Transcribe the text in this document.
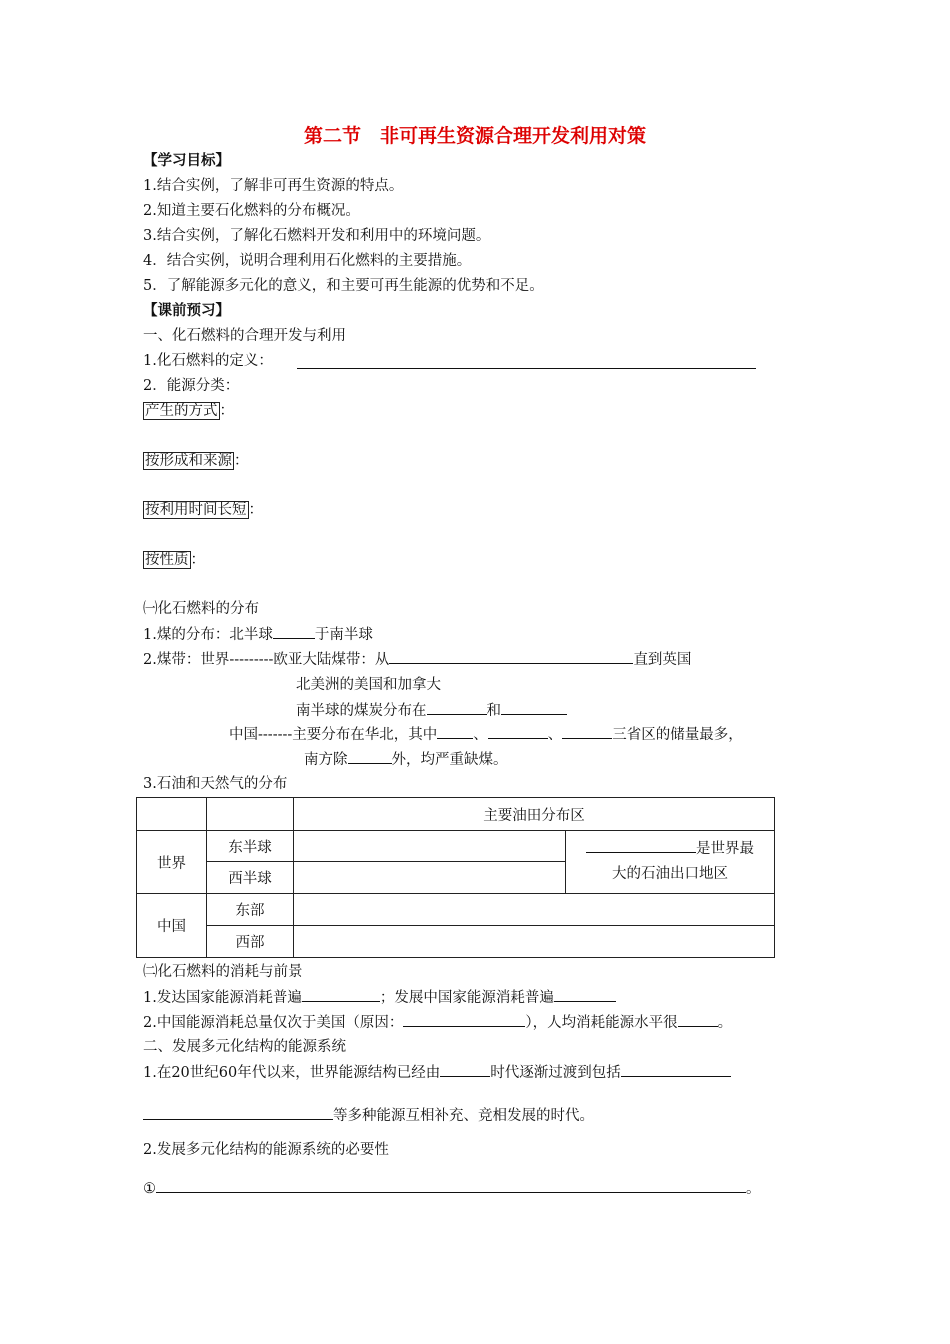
第二节　非可再生资源合理开发利用对策
【学习目标】
1.结合实例，了解非可再生资源的特点。
2.知道主要石化燃料的分布概况。
3.结合实例，了解化石燃料开发和利用中的环境问题。
4．结合实例，说明合理利用石化燃料的主要措施。
5．了解能源多元化的意义，和主要可再生能源的优势和不足。
【课前预习】
一、化石燃料的合理开发与利用
1.化石燃料的定义：
2．能源分类：
产生的方式 ：
按形成和来源 ：
按利用时间长短 ：
按性质 ：
㈠化石燃料的分布
1.煤的分布：北半球	于南半球
2.煤带：世界---------欧亚大陆煤带：从	直到英国
北美洲的美国和加拿大
南半球的煤炭分布在	和
中国-------主要分布在华北，其中 、	、	三省区的储量最多，
南方除	外，均严重缺煤。
3.石油和天然气的分布
		主要油田分布区	
世界	东半球		是世界最
大的石油出口地区
	西半球		
中国	东部		
	西部		
㈡化石燃料的消耗与前景
1.发达国家能源消耗普遍	；发展中国家能源消耗普遍
2.中国能源消耗总量仅次于美国（原因：	），人均消耗能源水平很	。
二、发展多元化结构的能源系统
1.在20世纪60年代以来，世界能源结构已经由	时代逐渐过渡到包括
等多种能源互相补充、竞相发展的时代。
2.发展多元化结构的能源系统的必要性
①	。
